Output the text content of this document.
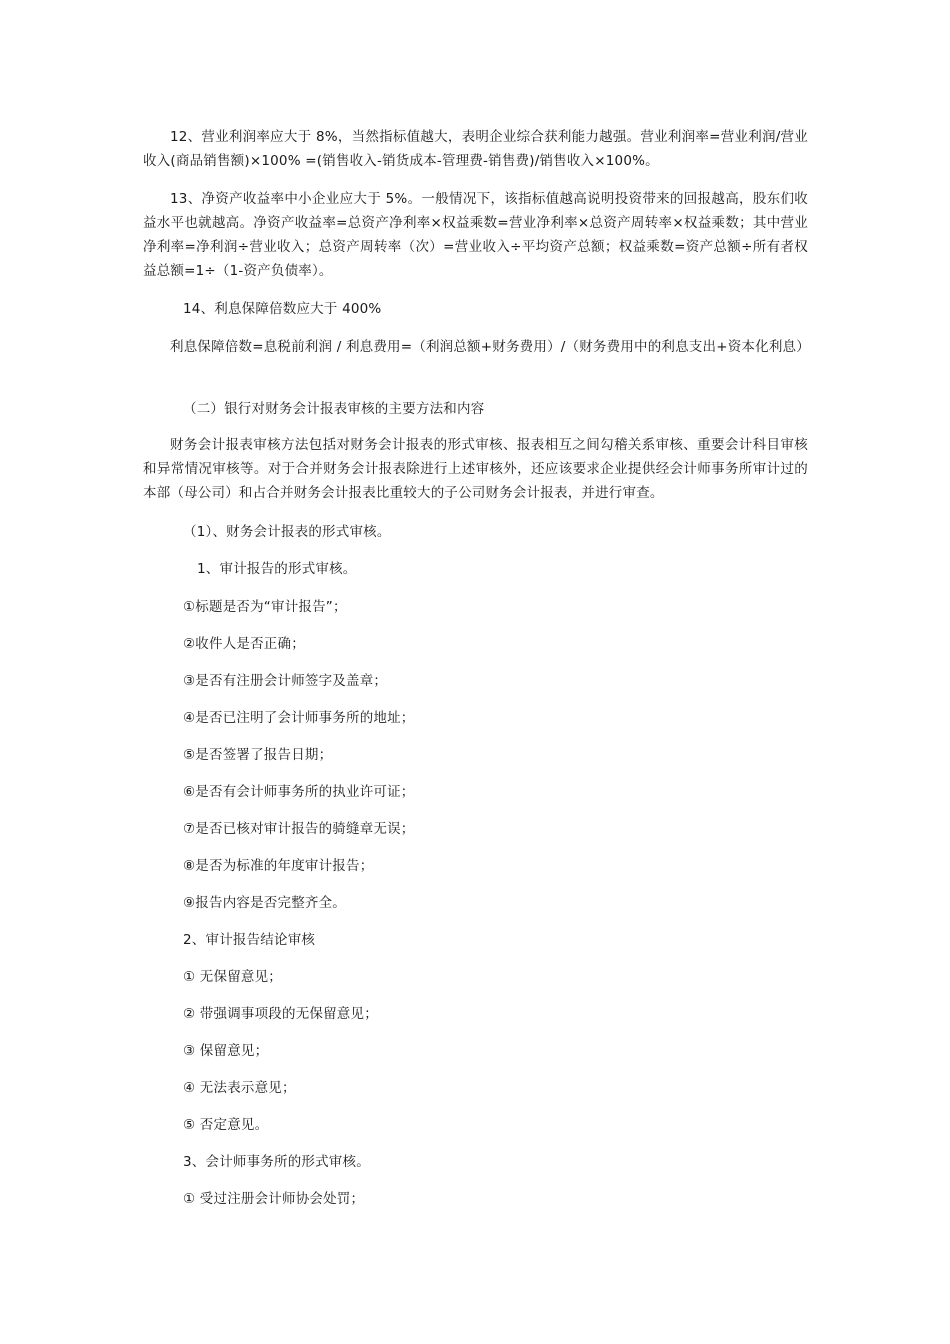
12、营业利润率应大于 8%，当然指标值越大，表明企业综合获利能力越强。营业利润率=营业利润/营业收入(商品销售额)×100% =(销售收入-销货成本-管理费-销售费)/销售收入×100%。

13、净资产收益率中小企业应大于 5%。一般情况下，该指标值越高说明投资带来的回报越高，股东们收益水平也就越高。净资产收益率=总资产净利率×权益乘数=营业净利率×总资产周转率×权益乘数；其中营业净利率=净利润÷营业收入；总资产周转率（次）=营业收入÷平均资产总额；权益乘数=资产总额÷所有者权益总额=1÷（1-资产负债率）。

14、利息保障倍数应大于 400%

利息保障倍数=息税前利润 / 利息费用=（利润总额+财务费用）/（财务费用中的利息支出+资本化利息）

（二）银行对财务会计报表审核的主要方法和内容

财务会计报表审核方法包括对财务会计报表的形式审核、报表相互之间勾稽关系审核、重要会计科目审核和异常情况审核等。对于合并财务会计报表除进行上述审核外，还应该要求企业提供经会计师事务所审计过的本部（母公司）和占合并财务会计报表比重较大的子公司财务会计报表，并进行审查。

（1）、财务会计报表的形式审核。

1、审计报告的形式审核。

①标题是否为“审计报告”；

②收件人是否正确；

③是否有注册会计师签字及盖章；

④是否已注明了会计师事务所的地址；

⑤是否签署了报告日期；

⑥是否有会计师事务所的执业许可证；

⑦是否已核对审计报告的骑缝章无误；

⑧是否为标准的年度审计报告；

⑨报告内容是否完整齐全。

2、审计报告结论审核

① 无保留意见；

② 带强调事项段的无保留意见；

③ 保留意见；

④ 无法表示意见；

⑤ 否定意见。

3、会计师事务所的形式审核。

① 受过注册会计师协会处罚；
